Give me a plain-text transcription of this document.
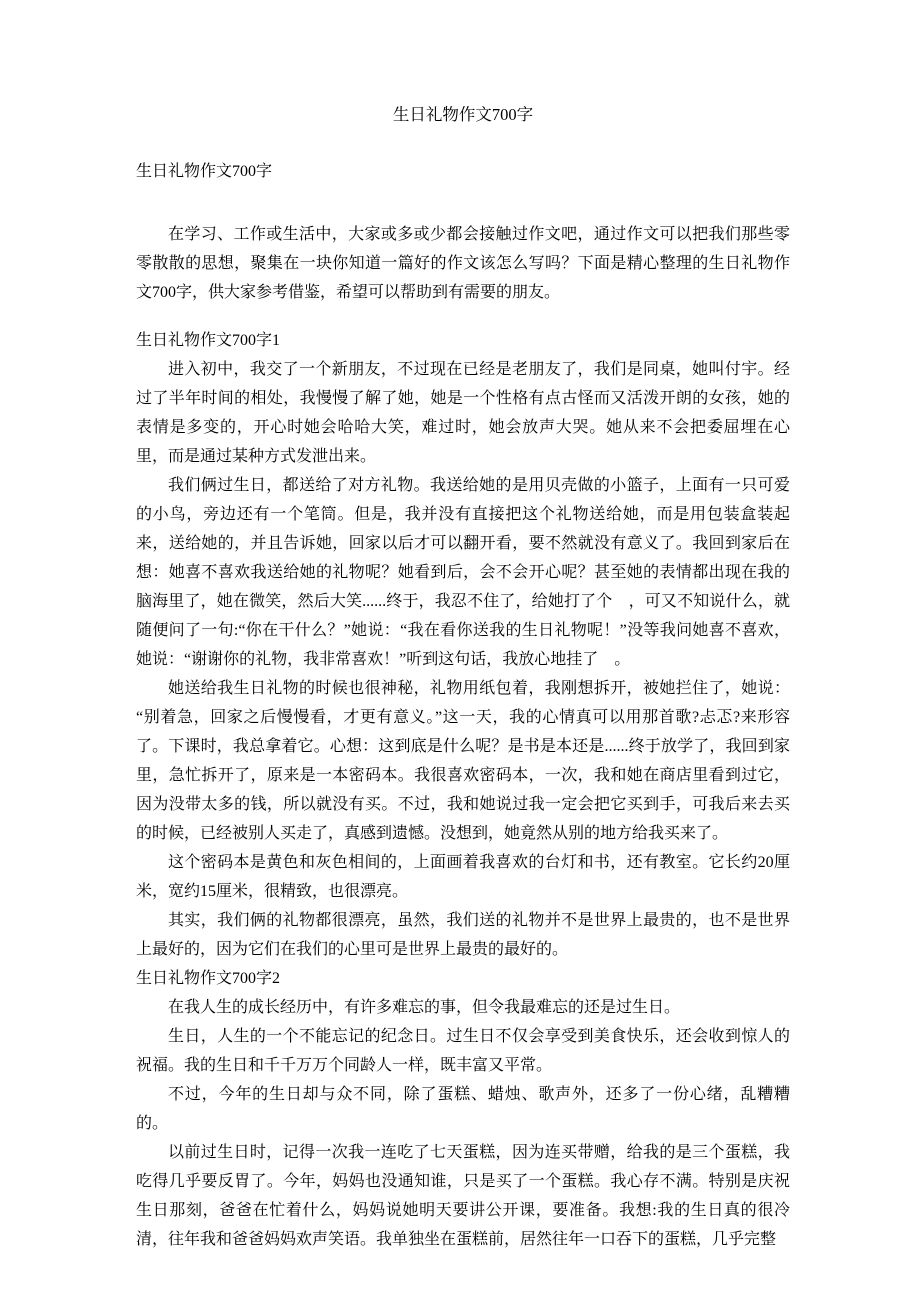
生日礼物作文700字

生日礼物作文700字

在学习、工作或生活中，大家或多或少都会接触过作文吧，通过作文可以把我们那些零零散散的思想，聚集在一块你知道一篇好的作文该怎么写吗？下面是精心整理的生日礼物作文700字，供大家参考借鉴，希望可以帮助到有需要的朋友。

生日礼物作文700字1

进入初中，我交了一个新朋友，不过现在已经是老朋友了，我们是同桌，她叫付宇。经过了半年时间的相处，我慢慢了解了她，她是一个性格有点古怪而又活泼开朗的女孩，她的表情是多变的，开心时她会哈哈大笑，难过时，她会放声大哭。她从来不会把委屈埋在心里，而是通过某种方式发泄出来。

我们俩过生日，都送给了对方礼物。我送给她的是用贝壳做的小篮子，上面有一只可爱的小鸟，旁边还有一个笔筒。但是，我并没有直接把这个礼物送给她，而是用包装盒装起来，送给她的，并且告诉她，回家以后才可以翻开看，要不然就没有意义了。我回到家后在想：她喜不喜欢我送给她的礼物呢？她看到后，会不会开心呢？甚至她的表情都出现在我的脑海里了，她在微笑，然后大笑......终于，我忍不住了，给她打了个　，可又不知说什么，就随便问了一句:“你在干什么？”她说：“我在看你送我的生日礼物呢！”没等我问她喜不喜欢，她说：“谢谢你的礼物，我非常喜欢！”听到这句话，我放心地挂了　。

她送给我生日礼物的时候也很神秘，礼物用纸包着，我刚想拆开，被她拦住了，她说：“别着急，回家之后慢慢看，才更有意义。”这一天，我的心情真可以用那首歌?忐忑?来形容了。下课时，我总拿着它。心想：这到底是什么呢？是书是本还是......终于放学了，我回到家里，急忙拆开了，原来是一本密码本。我很喜欢密码本，一次，我和她在商店里看到过它，因为没带太多的钱，所以就没有买。不过，我和她说过我一定会把它买到手，可我后来去买的时候，已经被别人买走了，真感到遗憾。没想到，她竟然从别的地方给我买来了。

这个密码本是黄色和灰色相间的，上面画着我喜欢的台灯和书，还有教室。它长约20厘米，宽约15厘米，很精致，也很漂亮。

其实，我们俩的礼物都很漂亮，虽然，我们送的礼物并不是世界上最贵的，也不是世界上最好的，因为它们在我们的心里可是世界上最贵的最好的。

生日礼物作文700字2

在我人生的成长经历中，有许多难忘的事，但令我最难忘的还是过生日。

生日，人生的一个不能忘记的纪念日。过生日不仅会享受到美食快乐，还会收到惊人的祝福。我的生日和千千万万个同龄人一样，既丰富又平常。

不过，今年的生日却与众不同，除了蛋糕、蜡烛、歌声外，还多了一份心绪，乱糟糟的。

以前过生日时，记得一次我一连吃了七天蛋糕，因为连买带赠，给我的是三个蛋糕，我吃得几乎要反胃了。今年，妈妈也没通知谁，只是买了一个蛋糕。我心存不满。特别是庆祝生日那刻，爸爸在忙着什么，妈妈说她明天要讲公开课，要准备。我想:我的生日真的很冷清，往年我和爸爸妈妈欢声笑语。我单独坐在蛋糕前，居然往年一口吞下的蛋糕，几乎完整
